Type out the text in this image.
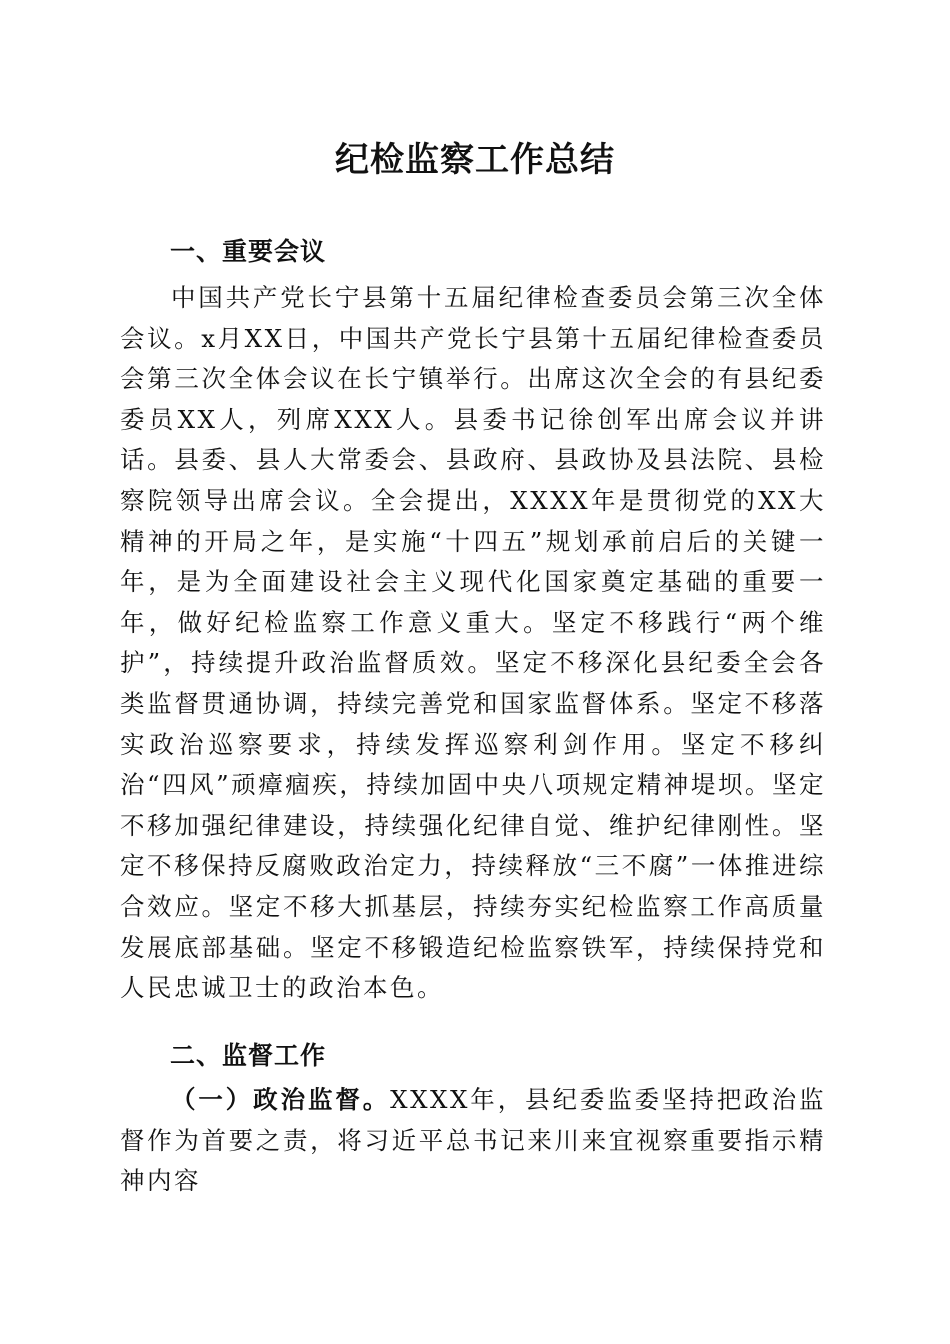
纪检监察工作总结
一、重要会议

中国共产党长宁县第十五届纪律检查委员会第三次全体会议。x月XX日，中国共产党长宁县第十五届纪律检查委员会第三次全体会议在长宁镇举行。出席这次全会的有县纪委委员XX人，列席XXX人。县委书记徐创军出席会议并讲话。县委、县人大常委会、县政府、县政协及县法院、县检察院领导出席会议。全会提出，XXXX年是贯彻党的XX大精神的开局之年，是实施“十四五”规划承前启后的关键一年，是为全面建设社会主义现代化国家奠定基础的重要一年，做好纪检监察工作意义重大。坚定不移践行“两个维护”，持续提升政治监督质效。坚定不移深化县纪委全会各类监督贯通协调，持续完善党和国家监督体系。坚定不移落实政治巡察要求，持续发挥巡察利剑作用。坚定不移纠治“四风”顽瘴痼疾，持续加固中央八项规定精神堤坝。坚定不移加强纪律建设，持续强化纪律自觉、维护纪律刚性。坚定不移保持反腐败政治定力，持续释放“三不腐”一体推进综合效应。坚定不移大抓基层，持续夯实纪检监察工作高质量发展底部基础。坚定不移锻造纪检监察铁军，持续保持党和人民忠诚卫士的政治本色。

二、监督工作

（一）政治监督。XXXX年，县纪委监委坚持把政治监督作为首要之责，将习近平总书记来川来宜视察重要指示精神内容
